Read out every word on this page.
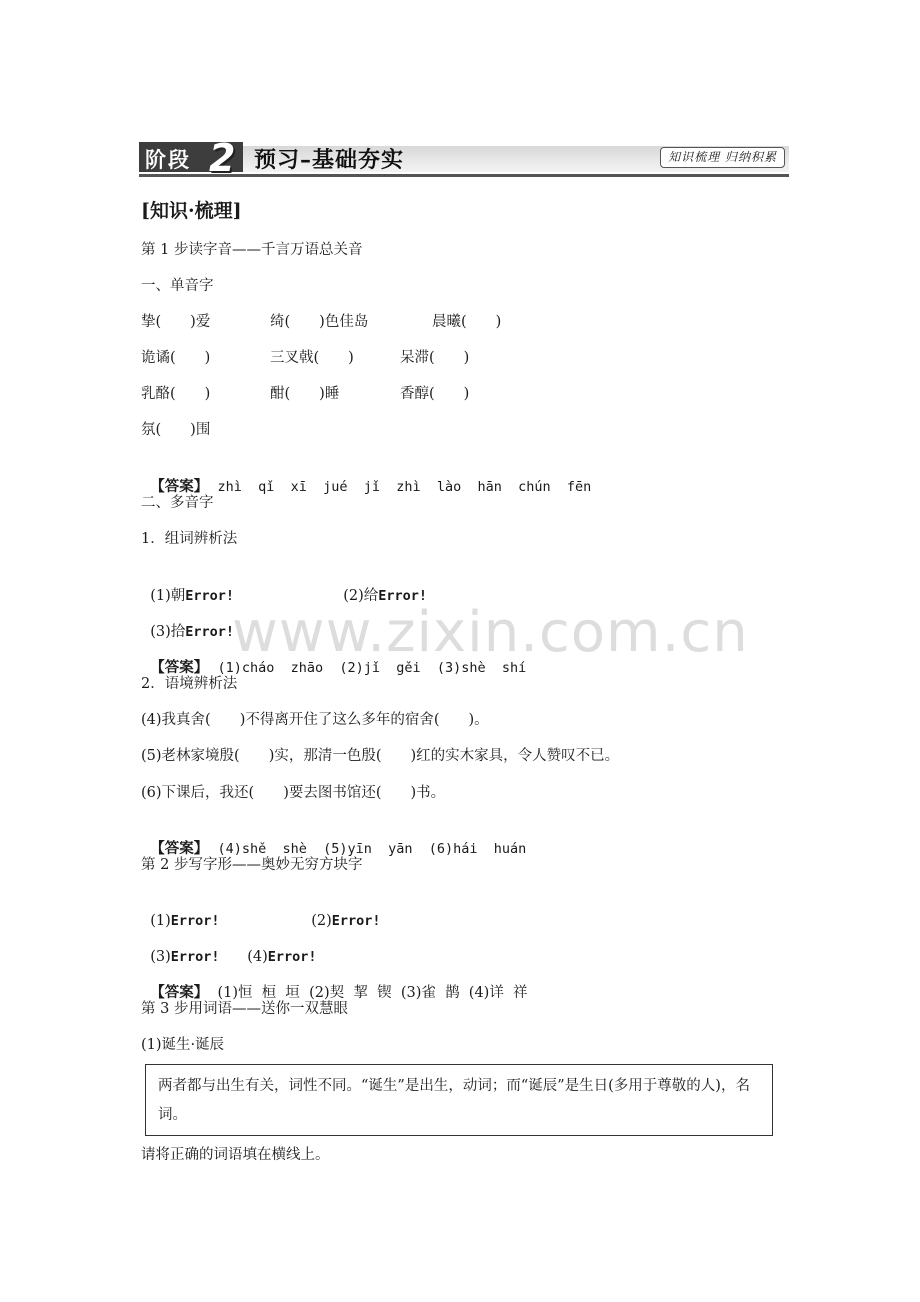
阶段 2 预习–基础夯实	知识梳理 归纳积累
[知识·梳理]
第 1 步读字音——千言万语总关音
一、单音字
挚(　　)爱	绮(　　)色佳岛	晨曦(　　)
诡谲(　　)	三叉戟(　　)	呆滞(　　)
乳酪(　　)	酣(　　)睡	香醇(　　)
氛(　　)围

【答案】 zhì  qǐ  xī  jué  jǐ  zhì  lào  hān  chún  fēn

二、多音字
1．组词辨析法

(1)朝Error!	(2)给Error!

(3)拾Error!

【答案】 (1)cháo  zhāo  (2)jǐ  gěi  (3)shè  shí

2．语境辨析法
(4)我真舍(　　)不得离开住了这么多年的宿舍(　　)。
(5)老林家境殷(　　)实，那清一色殷(　　)红的实木家具，令人赞叹不已。
(6)下课后，我还(　　)要去图书馆还(　　)书。

【答案】 (4)shě  shè  (5)yīn  yān  (6)hái  huán

第 2 步写字形——奥妙无穷方块字

(1)Error!	(2)Error!

(3)Error!	(4)Error!

【答案】 (1)恒  桓  垣  (2)契  挈  锲  (3)雀  鹊  (4)详  祥

第 3 步用词语——送你一双慧眼
(1)诞生·诞辰
两者都与出生有关，词性不同。“诞生”是出生，动词；而“诞辰”是生日(多用于尊敬的人)，名词。
请将正确的词语填在横线上。
www.zixin.com.cn
